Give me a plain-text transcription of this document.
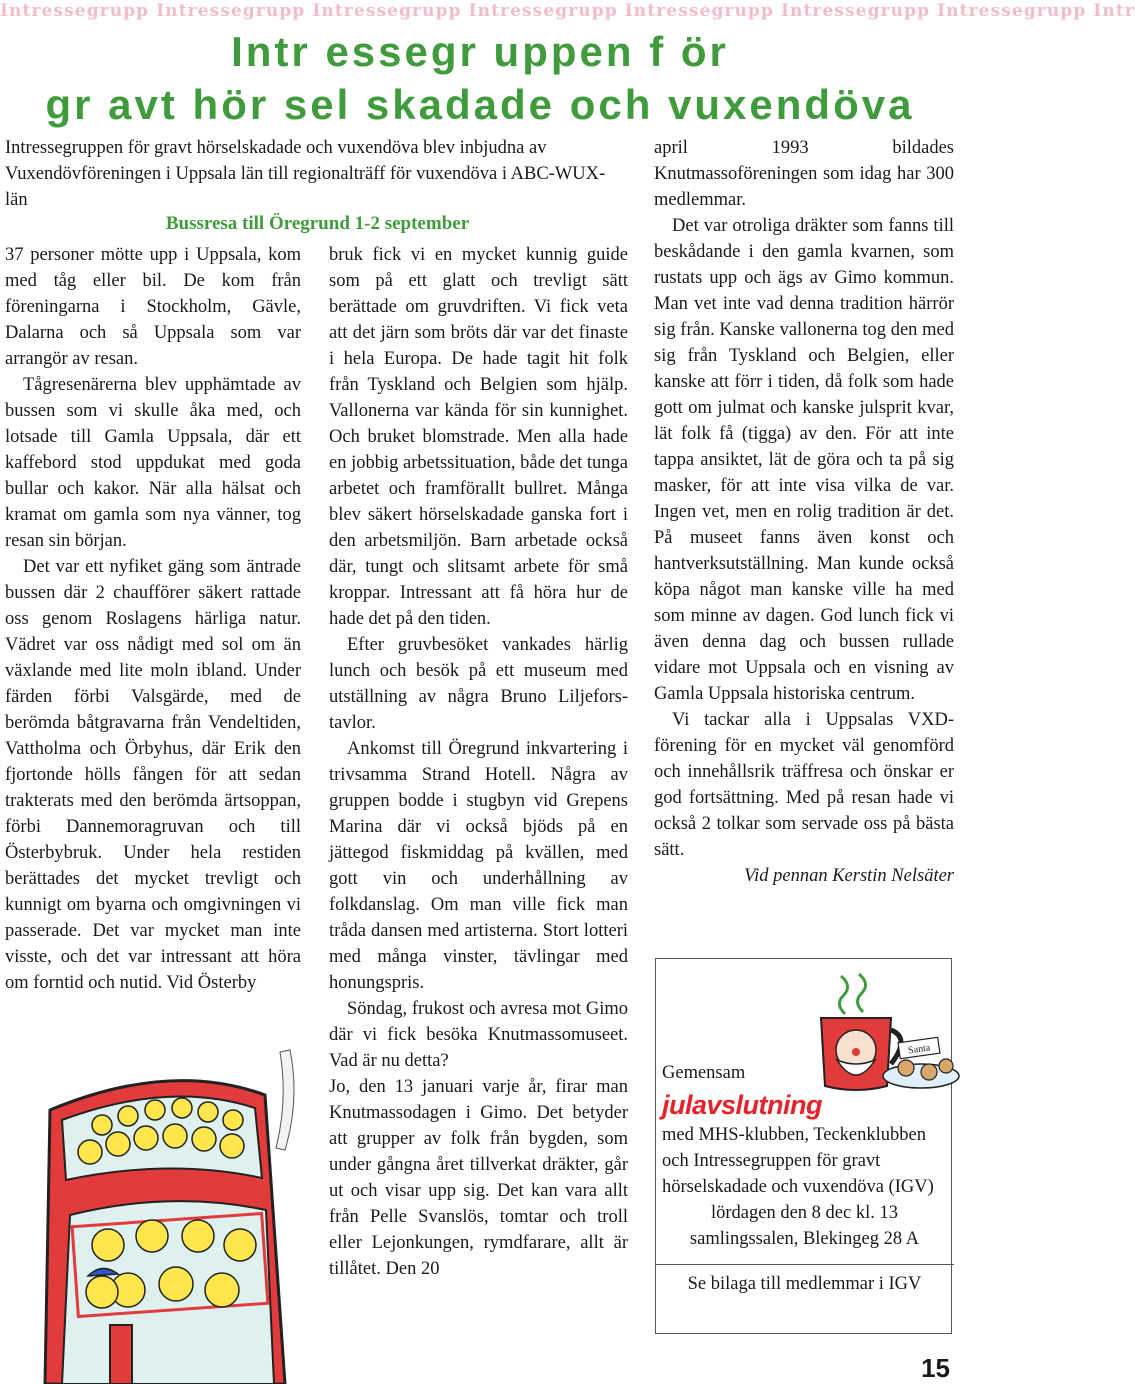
Intressegrupp Intressegrupp Intressegrupp Intressegrupp Intressegrupp Intressegrupp Intressegrupp Intr
Intr essegr uppen f ör
gr avt hör sel skadade och vuxendöva
Intressegruppen för gravt hörselskadade och vuxendöva blev inbjudna av Vuxendövföreningen i Uppsala län till regionalträff för vuxendöva i ABC-WUX- län
Bussresa till Öregrund 1-2 september

37 personer mötte upp i Uppsala, kom med tåg eller bil. De kom från föreningarna i Stockholm, Gävle, Dalarna och så Uppsala som var arrangör av resan.

Tågresenärerna blev upphämtade av bussen som vi skulle åka med, och lotsade till Gamla Uppsala, där ett kaffebord stod uppdukat med goda bullar och kakor. När alla hälsat och kramat om gamla som nya vänner, tog resan sin början.

Det var ett nyfiket gäng som äntrade bussen där 2 chaufförer säkert rattade oss genom Roslagens härliga natur. Vädret var oss nådigt med sol om än växlande med lite moln ibland. Under färden förbi Valsgärde, med de berömda båtgravarna från Vendeltiden, Vattholma och Örbyhus, där Erik den fjortonde hölls fången för att sedan trakterats med den berömda ärtsoppan, förbi Dannemoragruvan och till Österbybruk. Under hela restiden berättades det mycket trevligt och kunnigt om byarna och omgivningen vi passerade. Det var mycket man inte visste, och det var intressant att höra om forntid och nutid. Vid Österby

bruk fick vi en mycket kunnig guide som på ett glatt och trevligt sätt berättade om gruvdriften. Vi fick veta att det järn som bröts där var det finaste i hela Europa. De hade tagit hit folk från Tyskland och Belgien som hjälp. Vallonerna var kända för sin kunnighet. Och bruket blomstrade. Men alla hade en jobbig arbetssituation, både det tunga arbetet och framförallt bullret. Många blev säkert hörselskadade ganska fort i den arbetsmiljön. Barn arbetade också där, tungt och slitsamt arbete för små kroppar. Intressant att få höra hur de hade det på den tiden.

Efter gruvbesöket vankades härlig lunch och besök på ett museum med utställning av några Bruno Liljefors-tavlor.

Ankomst till Öregrund inkvartering i trivsamma Strand Hotell. Några av gruppen bodde i stugbyn vid Grepens Marina där vi också bjöds på en jättegod fiskmiddag på kvällen, med gott vin och underhållning av folkdanslag. Om man ville fick man tråda dansen med artisterna. Stort lotteri med många vinster, tävlingar med honungspris.

Söndag, frukost och avresa mot Gimo där vi fick besöka Knutmassomuseet. Vad är nu detta?

Jo, den 13 januari varje år, firar man Knutmassodagen i Gimo. Det betyder att grupper av folk från bygden, som under gångna året tillverkat dräkter, går ut och visar upp sig. Det kan vara allt från Pelle Svanslös, tomtar och troll eller Lejonkungen, rymdfarare, allt är tillåtet. Den 20

april 1993 bildades Knutmassoföreningen som idag har 300 medlemmar.

Det var otroliga dräkter som fanns till beskådande i den gamla kvarnen, som rustats upp och ägs av Gimo kommun. Man vet inte vad denna tradition härrör sig från. Kanske vallonerna tog den med sig från Tyskland och Belgien, eller kanske att förr i tiden, då folk som hade gott om julmat och kanske julsprit kvar, lät folk få (tigga) av den. För att inte tappa ansiktet, lät de göra och ta på sig masker, för att inte visa vilka de var. Ingen vet, men en rolig tradition är det. På museet fanns även konst och hantverksutställning. Man kunde också köpa något man kanske ville ha med som minne av dagen. God lunch fick vi även denna dag och bussen rullade vidare mot Uppsala och en visning av Gamla Uppsala historiska centrum.

Vi tackar alla i Uppsalas VXD-förening för en mycket väl genomförd och innehållsrik träffresa och önskar er god fortsättning. Med på resan hade vi också 2 tolkar som servade oss på bästa sätt.

Vid pennan Kerstin Nelsäter

Santa
Gemensam
julavslutning
med MHS-klubben, Teckenklubben och Intressegruppen för gravt hörselskadade och vuxendöva (IGV)
lördagen den 8 dec kl. 13
samlingssalen, Blekingeg 28 A
Se bilaga till medlemmar i IGV
15
